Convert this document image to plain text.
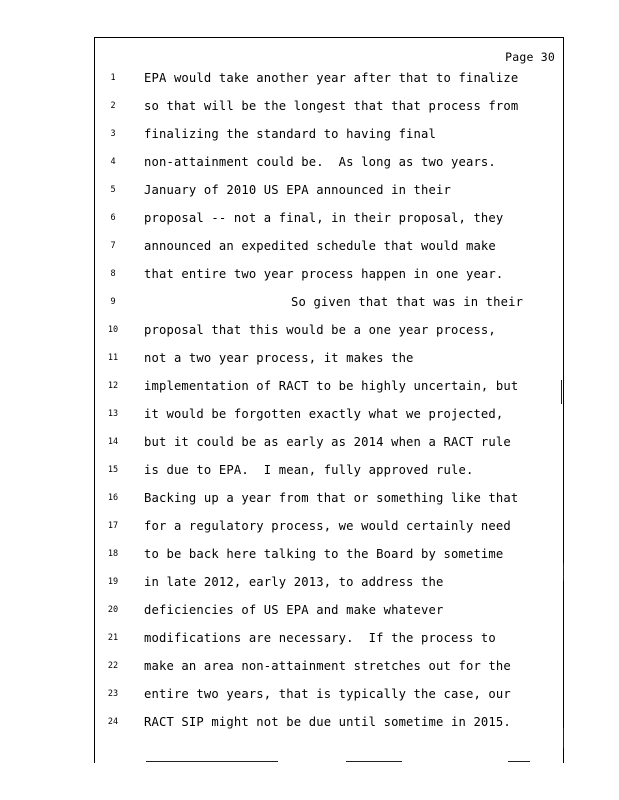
Page 30
1	EPA would take another year after that to finalize
2	so that will be the longest that that process from
3	finalizing the standard to having final
4	non-attainment could be.  As long as two years.
5	January of 2010 US EPA announced in their
6	proposal -- not a final, in their proposal, they
7	announced an expedited schedule that would make
8	that entire two year process happen in one year.
9	So given that that was in their
10	proposal that this would be a one year process,
11	not a two year process, it makes the
12	implementation of RACT to be highly uncertain, but
13	it would be forgotten exactly what we projected,
14	but it could be as early as 2014 when a RACT rule
15	is due to EPA.  I mean, fully approved rule.
16	Backing up a year from that or something like that
17	for a regulatory process, we would certainly need
18	to be back here talking to the Board by sometime
19	in late 2012, early 2013, to address the
20	deficiencies of US EPA and make whatever
21	modifications are necessary.  If the process to
22	make an area non-attainment stretches out for the
23	entire two years, that is typically the case, our
24	RACT SIP might not be due until sometime in 2015.
